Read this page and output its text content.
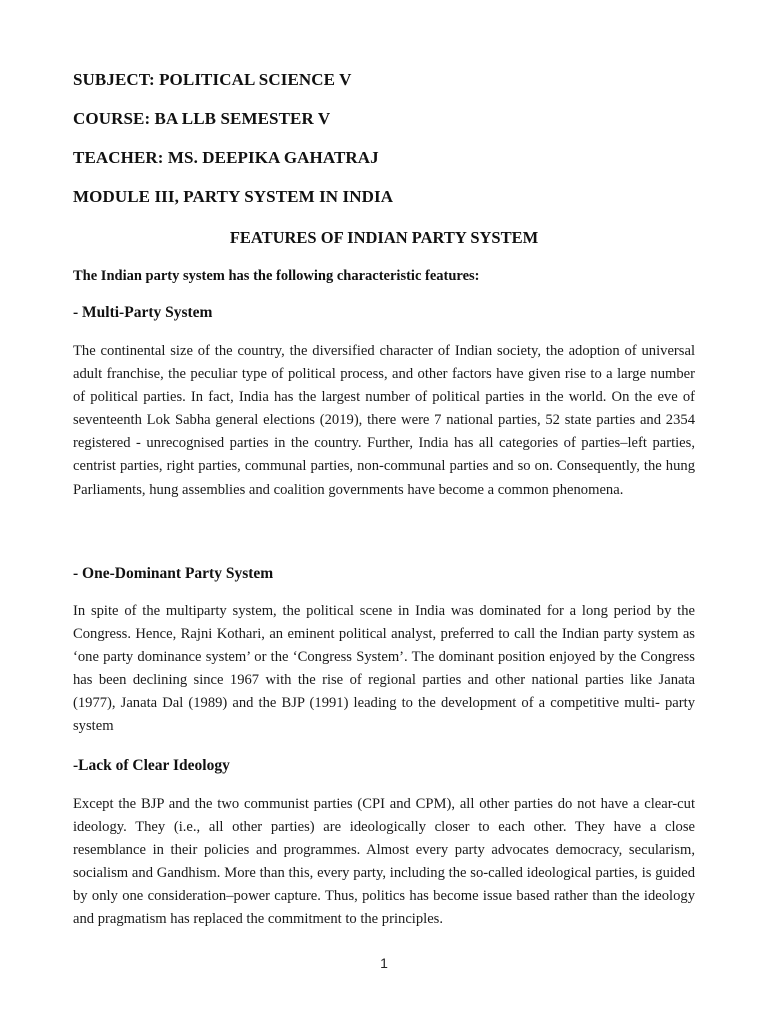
SUBJECT: POLITICAL SCIENCE V
COURSE: BA LLB SEMESTER V
TEACHER: MS. DEEPIKA GAHATRAJ
MODULE III, PARTY SYSTEM IN INDIA
FEATURES OF INDIAN PARTY SYSTEM
The Indian party system has the following characteristic features:
- Multi-Party System

The continental size of the country, the diversified character of Indian society, the adoption of universal adult franchise, the peculiar type of political process, and other factors have given rise to a large number of political parties. In fact, India has the largest number of political parties in the world. On the eve of seventeenth Lok Sabha general elections (2019), there were 7 national parties, 52 state parties and 2354 registered - unrecognised parties in the country. Further, India has all categories of parties–left parties, centrist parties, right parties, communal parties, non-communal parties and so on. Consequently, the hung Parliaments, hung assemblies and coalition governments have become a common phenomena.

- One-Dominant Party System

In spite of the multiparty system, the political scene in India was dominated for a long period by the Congress. Hence, Rajni Kothari, an eminent political analyst, preferred to call the Indian party system as ‘one party dominance system’ or the ‘Congress System’. The dominant position enjoyed by the Congress has been declining since 1967 with the rise of regional parties and other national parties like Janata (1977), Janata Dal (1989) and the BJP (1991) leading to the development of a competitive multi- party system

-Lack of Clear Ideology

Except the BJP and the two communist parties (CPI and CPM), all other parties do not have a clear-cut ideology. They (i.e., all other parties) are ideologically closer to each other. They have a close resemblance in their policies and programmes. Almost every party advocates democracy, secularism, socialism and Gandhism. More than this, every party, including the so-called ideological parties, is guided by only one consideration–power capture. Thus, politics has become issue based rather than the ideology and pragmatism has replaced the commitment to the principles.

1
